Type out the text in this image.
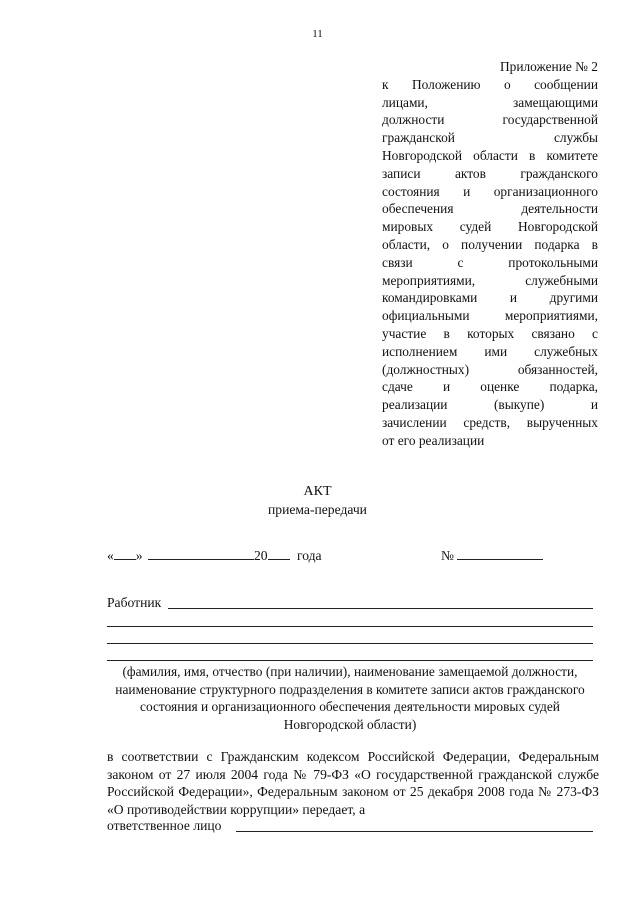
11
Приложение № 2
к Положению о сообщении
лицами, замещающими
должности государственной
гражданской службы
Новгородской области в комитете
записи актов гражданского
состояния и организационного
обеспечения деятельности
мировых судей Новгородской
области, о получении подарка в
связи с протокольными
мероприятиями, служебными
командировками и другими
официальными мероприятиями,
участие в которых связано с
исполнением ими служебных
(должностных) обязанностей,
сдаче и оценке подарка,
реализации (выкупе) и
зачислении средств, вырученных
от его реализации
АКТ
приема-передачи
« »	20 года	№
Работник
(фамилия, имя, отчество (при наличии), наименование замещаемой должности, наименование структурного подразделения в комитете записи актов гражданского состояния и организационного обеспечения деятельности мировых судей Новгородской области)
в соответствии с Гражданским кодексом Российской Федерации, Федеральным законом от 27 июля 2004 года № 79-ФЗ «О государственной гражданской службе Российской Федерации», Федеральным законом от 25 декабря 2008 года № 273-ФЗ «О противодействии коррупции» передает, а
ответственное лицо
